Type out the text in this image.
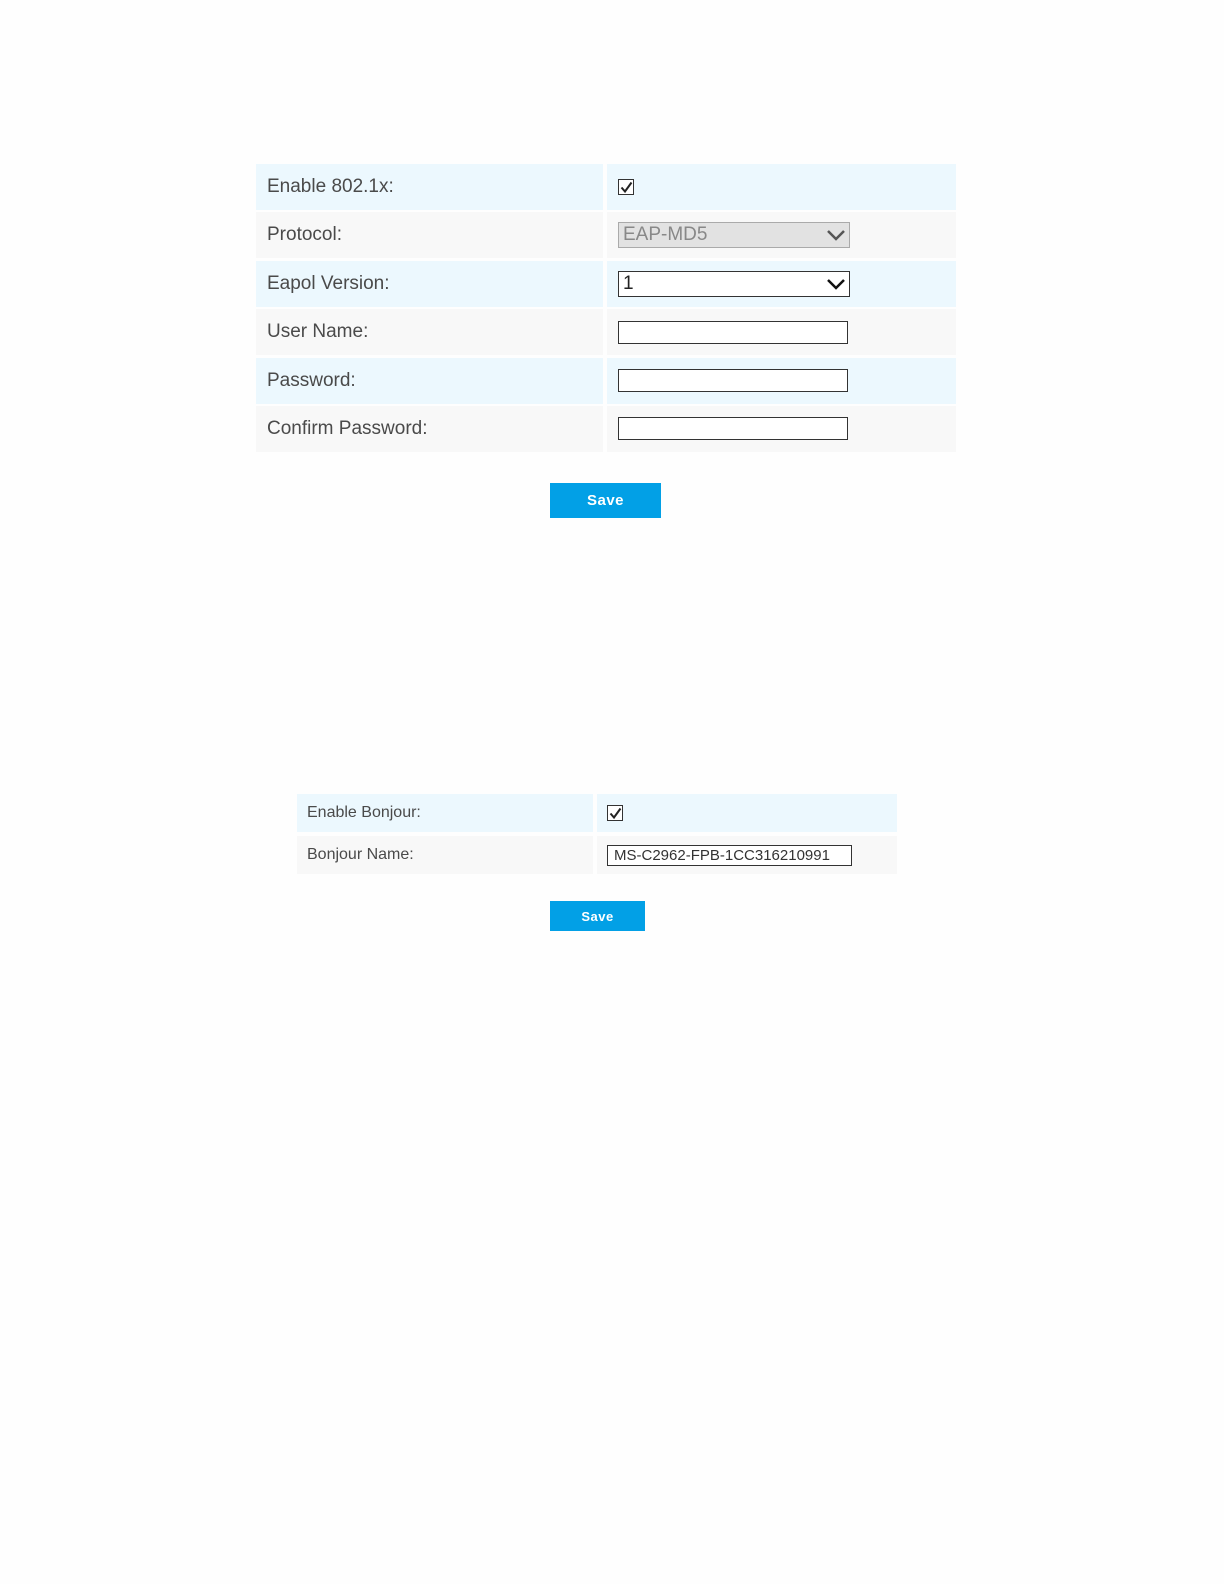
Enable 802.1x:
Protocol:	EAP-MD5
Eapol Version:	1
User Name:
Password:
Confirm Password:
Save
Enable Bonjour:
Bonjour Name:
MS-C2962-FPB-1CC316210991
Save
